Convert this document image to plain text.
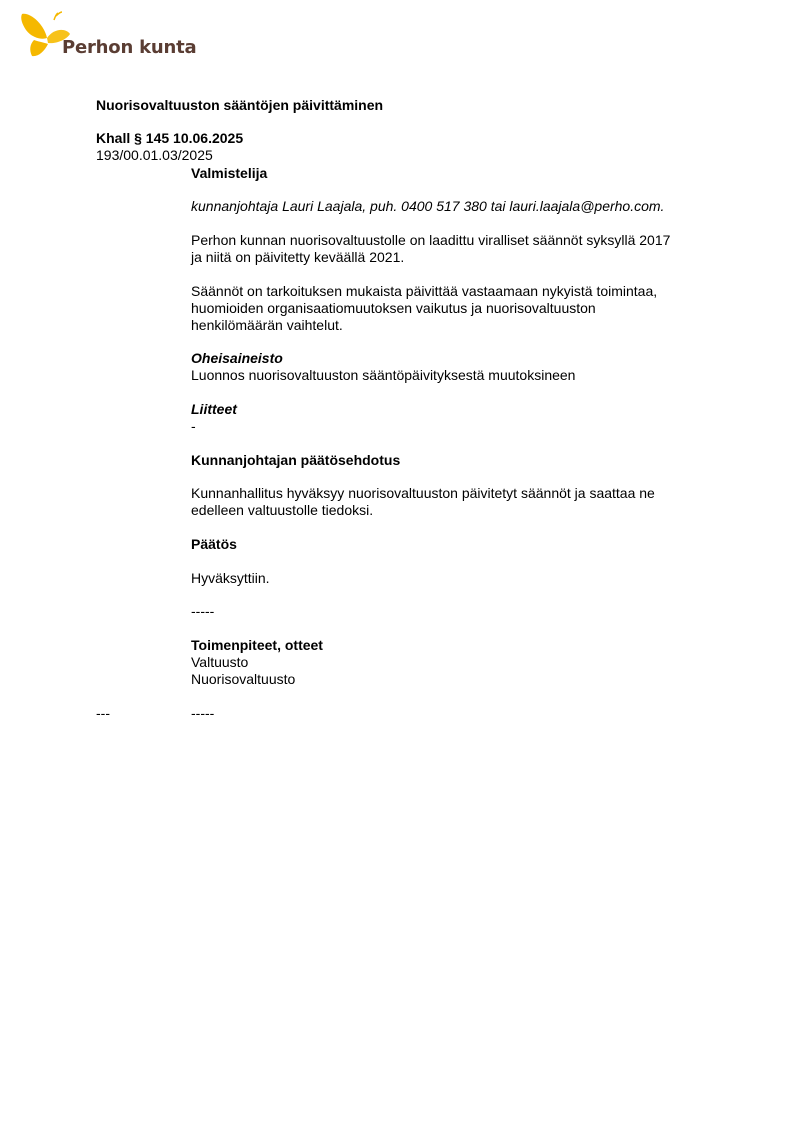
Perhon kunta
Nuorisovaltuuston sääntöjen päivittäminen
Khall § 145 10.06.2025
193/00.01.03/2025
Valmistelija
kunnanjohtaja Lauri Laajala, puh. 0400 517 380 tai lauri.laajala@perho.com.
Perhon kunnan nuorisovaltuustolle on laadittu viralliset säännöt syksyllä 2017
ja niitä on päivitetty keväällä 2021.
Säännöt on tarkoituksen mukaista päivittää vastaamaan nykyistä toimintaa,
huomioiden organisaatiomuutoksen vaikutus ja nuorisovaltuuston
henkilömäärän vaihtelut.
Oheisaineisto
Luonnos nuorisovaltuuston sääntöpäivityksestä muutoksineen
Liitteet
-
Kunnanjohtajan päätösehdotus
Kunnanhallitus hyväksyy nuorisovaltuuston päivitetyt säännöt ja saattaa ne
edelleen valtuustolle tiedoksi.
Päätös
Hyväksyttiin.
-----
Toimenpiteet, otteet
Valtuusto
Nuorisovaltuusto
---	-----
